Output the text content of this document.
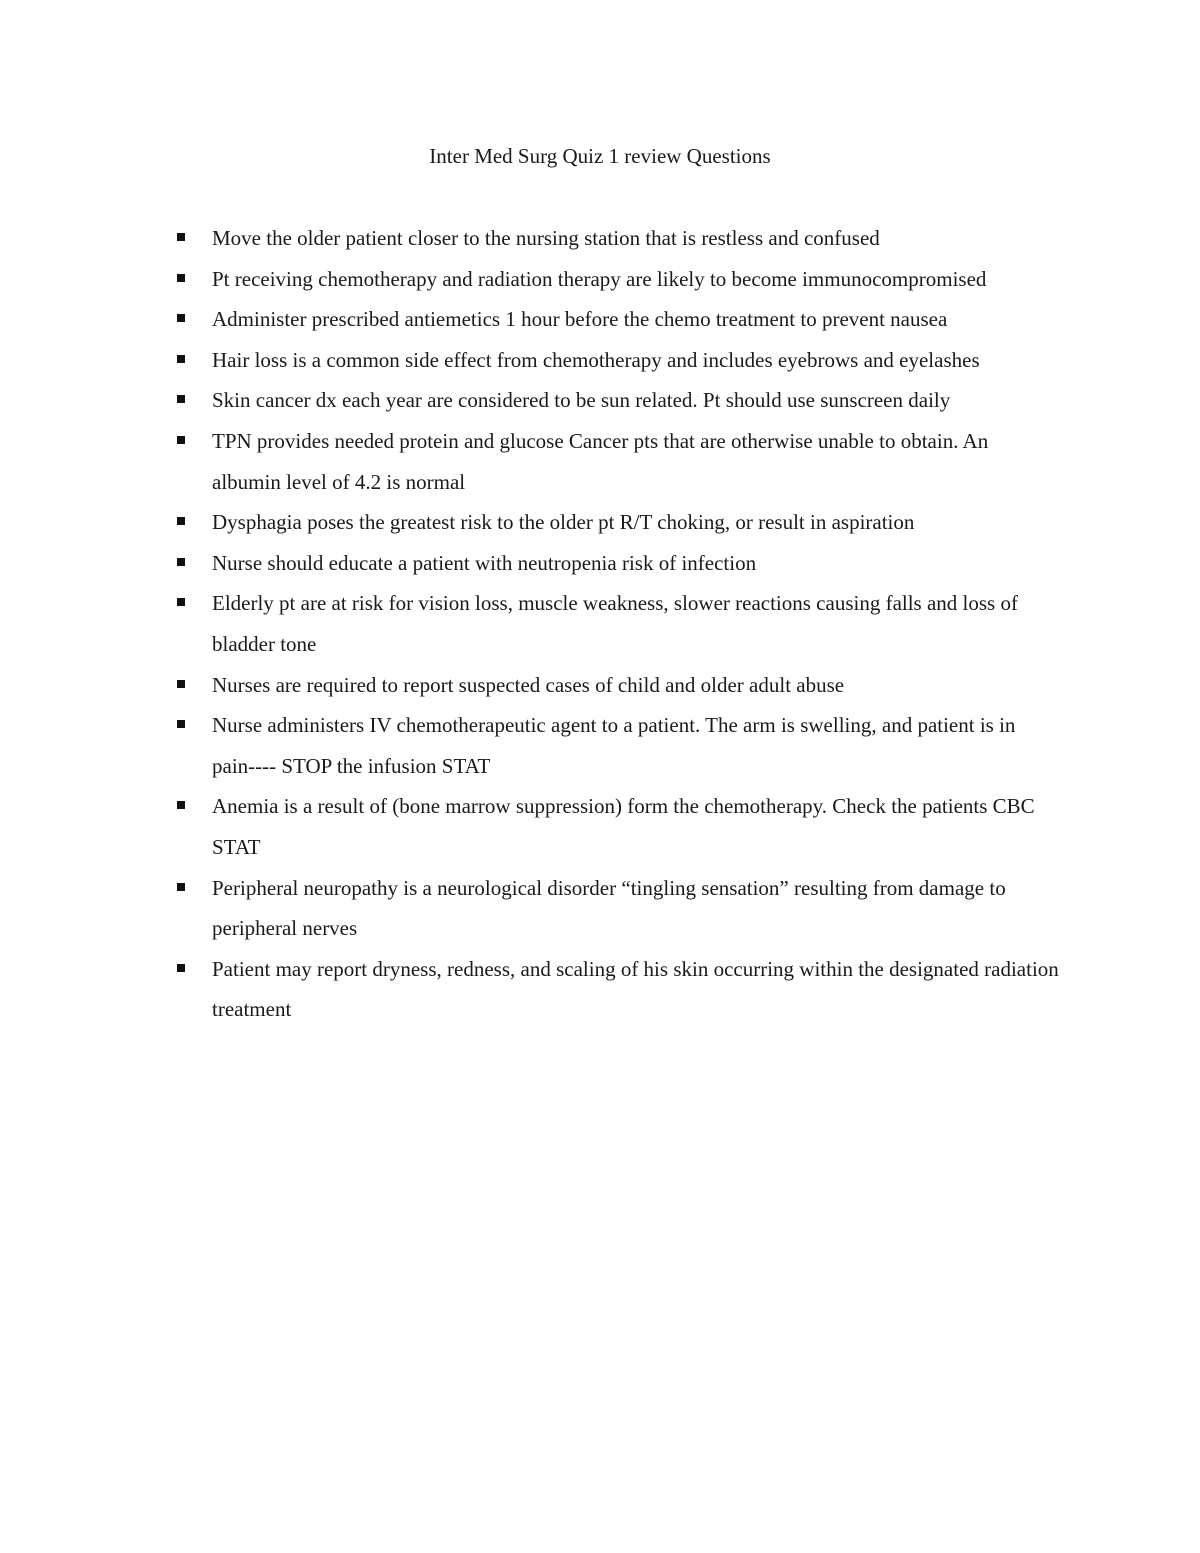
Inter Med Surg Quiz 1 review Questions
Move the older patient closer to the nursing station that is restless and confused
Pt receiving chemotherapy and radiation therapy are likely to become immunocompromised
Administer prescribed antiemetics 1 hour before the chemo treatment to prevent nausea
Hair loss is a common side effect from chemotherapy and includes eyebrows and eyelashes
Skin cancer dx each year are considered to be sun related. Pt should use sunscreen daily
TPN provides needed protein and glucose Cancer pts that are otherwise unable to obtain. An albumin level of 4.2 is normal
Dysphagia poses the greatest risk to the older pt R/T choking, or result in aspiration
Nurse should educate a patient with neutropenia risk of infection
Elderly pt are at risk for vision loss, muscle weakness, slower reactions causing falls and loss of bladder tone
Nurses are required to report suspected cases of child and older adult abuse
Nurse administers IV chemotherapeutic agent to a patient. The arm is swelling, and patient is in pain---- STOP the infusion STAT
Anemia is a result of (bone marrow suppression) form the chemotherapy. Check the patients CBC STAT
Peripheral neuropathy is a neurological disorder “tingling sensation” resulting from damage to peripheral nerves
Patient may report dryness, redness, and scaling of his skin occurring within the designated radiation treatment
